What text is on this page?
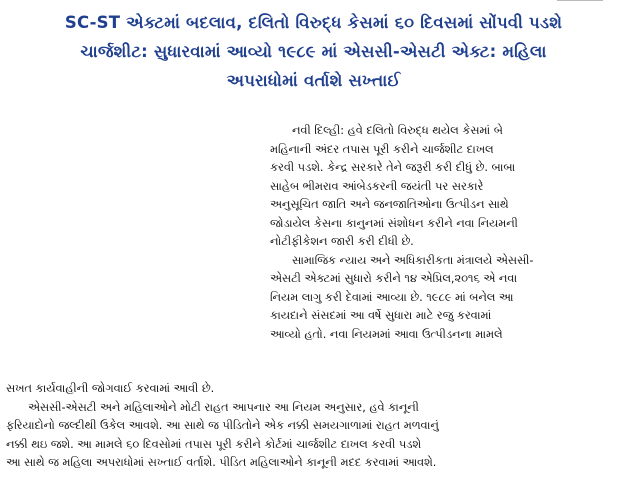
SC-ST એક્ટમાં બદલાવ, દલિતો વિરુદ્ધ કેસમાં ૬૦ દિવસમાં સોંપવી પડશે
ચાર્જશીટ: સુધારવામાં આવ્યો ૧૯૮૯ માં એસસી-એસટી એક્ટ: મહિલા
અપરાધોમાં વર્તાશે સખ્તાઈ
નવી દિલ્હી: હવે દલિતો વિરુદ્ધ થયેલ કેસમાં બે
મહિનાની અંદર તપાસ પૂરી કરીને ચાર્જશીટ દાખલ
કરવી પડશે. કેન્દ્ર સરકારે તેને જરૂરી કરી દીધું છે. બાબા
સાહેબ ભીમરાવ આંબેડકરની જયંતી પર સરકારે
અનુસૂચિત જાતિ અને જનજાતિઓના ઉત્પીડન સાથે
જોડાયેલ કેસના કાનુનમાં સંશોધન કરીને નવા નિયમની
નોટીફીકેશન જારી કરી દીધી છે.
સામાજિક ન્યાય અને અધિકારીકતા મંત્રાલયે એસસી-
એસટી એક્ટમાં સુધારો કરીને ૧૪ એપ્રિલ,૨૦૧૬ એ નવા
નિયમ લાગુ કરી દેવામાં આવ્યા છે. ૧૯૮૯ માં બનેલ આ
કાયદાને સંસદમાં આ વર્ષે સુધારા માટે રજુ કરવામાં
આવ્યો હતો. નવા નિયમમાં આવા ઉત્પીડનના મામલે
સખત કાર્યવાહીની જોગવાઈ કરવામાં આવી છે.
એસસી-એસટી અને મહિલાઓને મોટી રાહત આપનાર આ નિયમ અનુસાર, હવે કાનૂની
ફરિયાદોનો જલ્દીથી ઉકેલ આવશે. આ સાથે જ પીડિતોને એક નક્કી સમયગાળામાં રાહત મળવાનું
નક્કી થઇ જશે. આ મામલે ૬૦ દિવસોમાં તપાસ પૂરી કરીને કોર્ટમાં ચાર્જશીટ દાખલ કરવી પડશે
આ સાથે જ મહિલા અપરાધોમાં સખ્તાઈ વર્તાશે. પીડિત મહિલાઓને કાનૂની મદદ કરવામાં આવશે.
